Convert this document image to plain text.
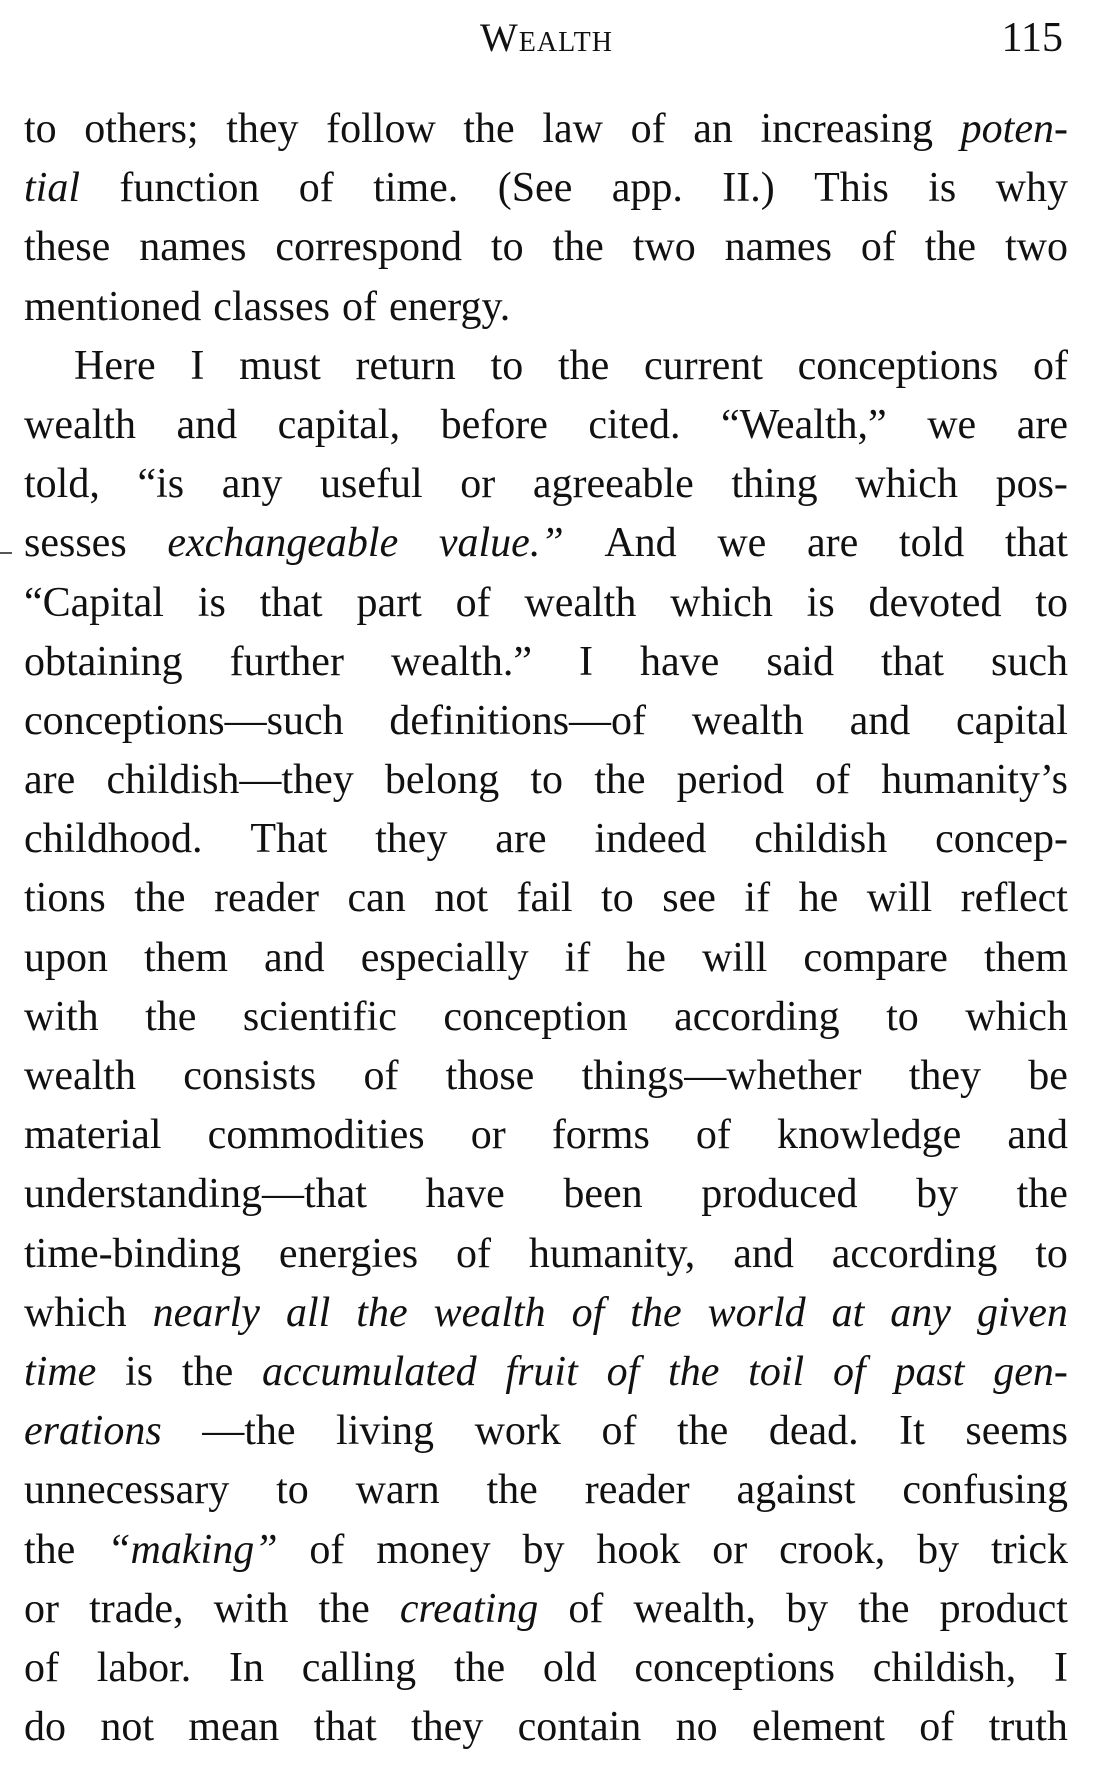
Wealth	115
to others; they follow the law of an increasing poten-
tial function of time. (See app. II.) This is why
these names correspond to the two names of the two
mentioned classes of energy.
Here I must return to the current conceptions of
wealth and capital, before cited. “Wealth,” we are
told, “is any useful or agreeable thing which pos-
sesses exchangeable value.” And we are told that
“Capital is that part of wealth which is devoted to
obtaining further wealth.” I have said that such
conceptions—such definitions—of wealth and capital
are childish—they belong to the period of humanity’s
childhood. That they are indeed childish concep-
tions the reader can not fail to see if he will reflect
upon them and especially if he will compare them
with the scientific conception according to which
wealth consists of those things—whether they be
material commodities or forms of knowledge and
understanding—that have been produced by the
time-binding energies of humanity, and according to
which nearly all the wealth of the world at any given
time is the accumulated fruit of the toil of past gen-
erations —the living work of the dead. It seems
unnecessary to warn the reader against confusing
the “making” of money by hook or crook, by trick
or trade, with the creating of wealth, by the product
of labor. In calling the old conceptions childish, I
do not mean that they contain no element of truth
